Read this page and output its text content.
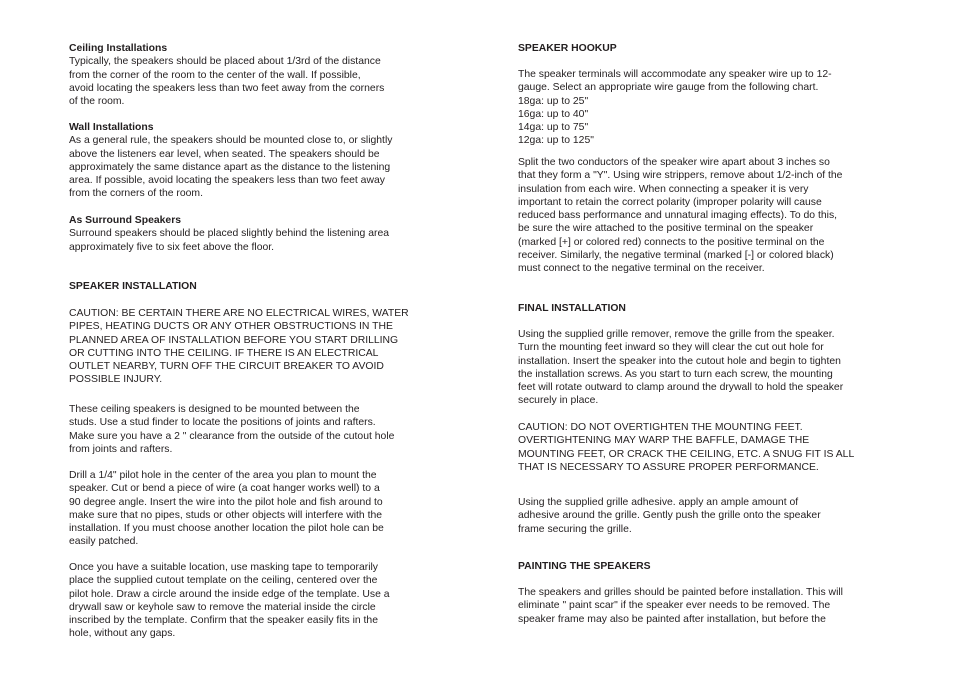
Ceiling Installations
Typically, the speakers should be placed about 1/3rd of the distance
from the corner of the room to the center of the wall. If possible,
avoid locating the speakers less than two feet away from the corners
of the room.
Wall Installations
As a general rule, the speakers should be mounted close to, or slightly
above the listeners ear level, when seated. The speakers should be
approximately the same distance apart as the distance to the listening
area. If possible, avoid locating the speakers less than two feet away
from the corners of the room.
As Surround Speakers
Surround speakers should be placed slightly behind the listening area
approximately five to six feet above the floor.
SPEAKER INSTALLATION
CAUTION: BE CERTAIN THERE ARE NO ELECTRICAL WIRES, WATER
PIPES, HEATING DUCTS OR ANY OTHER OBSTRUCTIONS IN THE
PLANNED AREA OF INSTALLATION BEFORE YOU START DRILLING
OR CUTTING INTO THE CEILING. IF THERE IS AN ELECTRICAL
OUTLET NEARBY, TURN OFF THE CIRCUIT BREAKER TO AVOID
POSSIBLE INJURY.
These ceiling speakers is designed to be mounted between the
studs. Use a stud finder to locate the positions of joints and rafters.
Make sure you have a 2 " clearance from the outside of the cutout hole
from joints and rafters.
Drill a 1/4" pilot hole in the center of the area you plan to mount the
speaker. Cut or bend a piece of wire (a coat hanger works well) to a
90 degree angle. Insert the wire into the pilot hole and fish around to
make sure that no pipes, studs or other objects will interfere with the
installation. If you must choose another location the pilot hole can be
easily patched.
Once you have a suitable location, use masking tape to temporarily
place the supplied cutout template on the ceiling, centered over the
pilot hole. Draw a circle around the inside edge of the template. Use a
drywall saw or keyhole saw to remove the material inside the circle
inscribed by the template. Confirm that the speaker easily fits in the
hole, without any gaps.
SPEAKER HOOKUP
The speaker terminals will accommodate any speaker wire up to 12-
gauge. Select an appropriate wire gauge from the following chart.
18ga: up to 25"
16ga: up to 40"
14ga: up to 75"
12ga: up to 125"
Split the two conductors of the speaker wire apart about 3 inches so
that they form a "Y". Using wire strippers, remove about 1/2-inch of the
insulation from each wire. When connecting a speaker it is very
important to retain the correct polarity (improper polarity will cause
reduced bass performance and unnatural imaging effects). To do this,
be sure the wire attached to the positive terminal on the speaker
(marked [+] or colored red) connects to the positive terminal on the
receiver. Similarly, the negative terminal (marked [-] or colored black)
must connect to the negative terminal on the receiver.
FINAL INSTALLATION
Using the supplied grille remover, remove the grille from the speaker.
Turn the mounting feet inward so they will clear the cut out hole for
installation. Insert the speaker into the cutout hole and begin to tighten
the installation screws. As you start to turn each screw, the mounting
feet will rotate outward to clamp around the drywall to hold the speaker
securely in place.
CAUTION: DO NOT OVERTIGHTEN THE MOUNTING FEET.
OVERTIGHTENING MAY WARP THE BAFFLE, DAMAGE THE
MOUNTING FEET, OR CRACK THE CEILING, ETC. A SNUG FIT IS ALL
THAT IS NECESSARY TO ASSURE PROPER PERFORMANCE.
Using the supplied grille adhesive. apply an ample amount of
adhesive around the grille. Gently push the grille onto the speaker
frame securing the grille.
PAINTING THE SPEAKERS
The speakers and grilles should be painted before installation. This will
eliminate " paint scar" if the speaker ever needs to be removed. The
speaker frame may also be painted after installation, but before the
